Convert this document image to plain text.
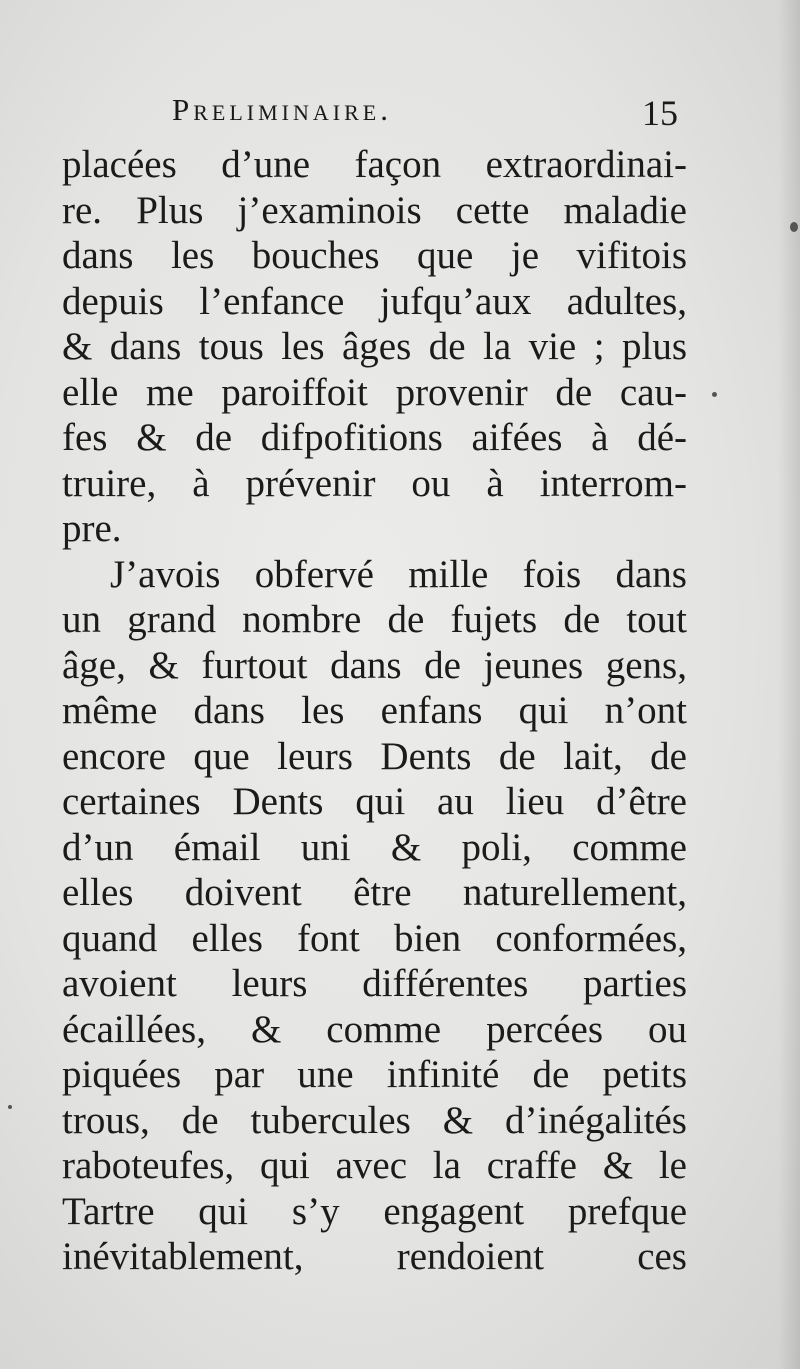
Preliminaire.	15
placées d’une façon extraordinai-
re. Plus j’examinois cette maladie
dans les bouches que je vifitois
depuis l’enfance jufqu’aux adultes,
& dans tous les âges de la vie ; plus
elle me paroiffoit provenir de cau-
fes & de difpofitions aifées à dé-
truire, à prévenir ou à interrom-
pre.
J’avois obfervé mille fois dans
un grand nombre de fujets de tout
âge, & furtout dans de jeunes gens,
même dans les enfans qui n’ont
encore que leurs Dents de lait, de
certaines Dents qui au lieu d’être
d’un émail uni & poli, comme
elles doivent être naturellement,
quand elles font bien conformées,
avoient leurs différentes parties
écaillées, & comme percées ou
piquées par une infinité de petits
trous, de tubercules & d’inégalités
raboteufes, qui avec la craffe & le
Tartre qui s’y engagent prefque
inévitablement, rendoient ces
